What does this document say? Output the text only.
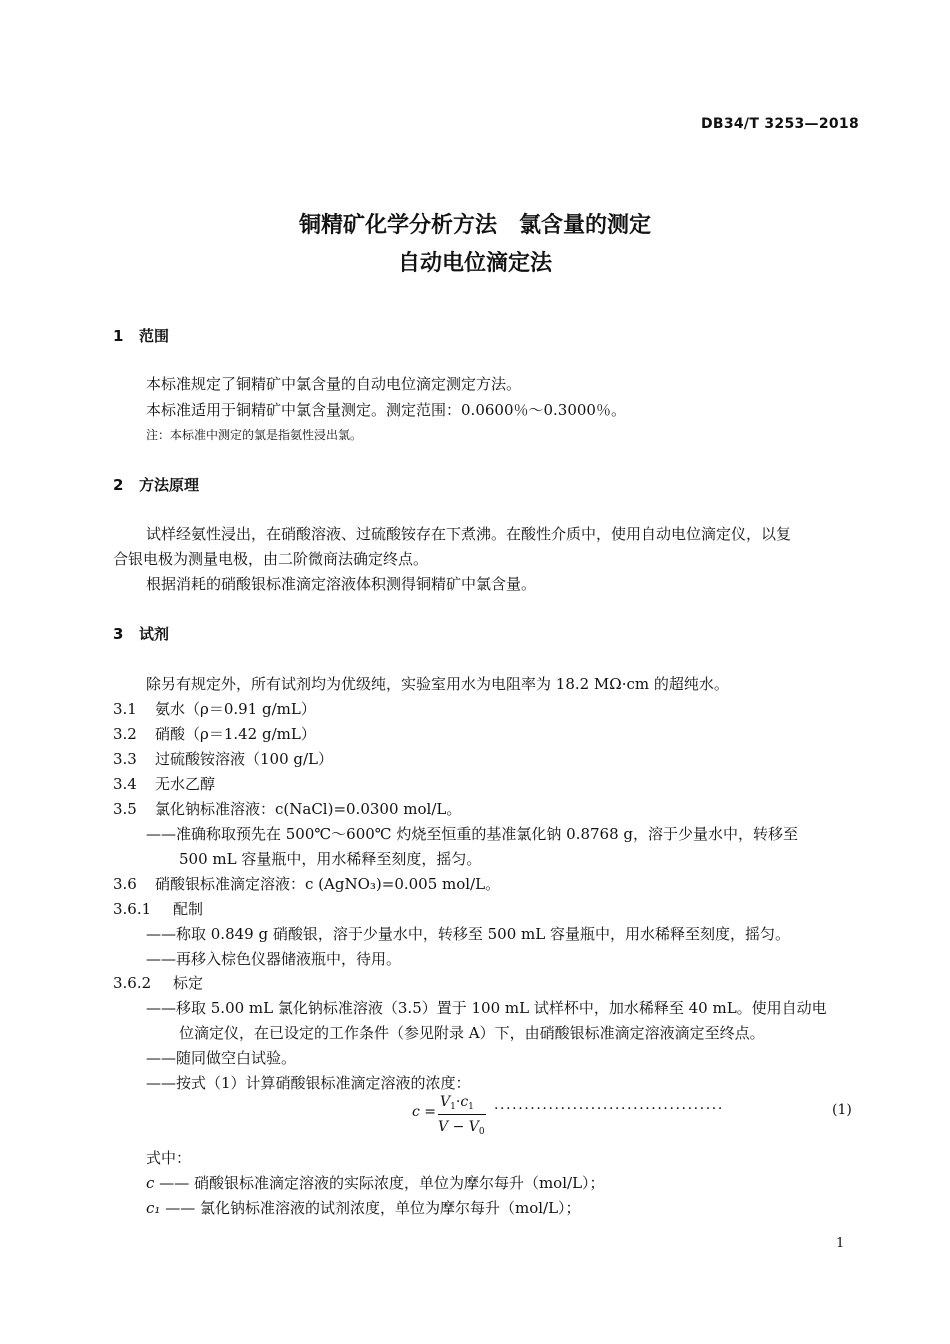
DB34/T 3253—2018
铜精矿化学分析方法　氯含量的测定
自动电位滴定法
1 范围
本标准规定了铜精矿中氯含量的自动电位滴定测定方法。
本标准适用于铜精矿中氯含量测定。测定范围：0.0600％～0.3000％。
注：本标准中测定的氯是指氨性浸出氯。
2 方法原理
试样经氨性浸出，在硝酸溶液、过硫酸铵存在下煮沸。在酸性介质中，使用自动电位滴定仪，以复
合银电极为测量电极，由二阶微商法确定终点。
根据消耗的硝酸银标准滴定溶液体积测得铜精矿中氯含量。
3 试剂
除另有规定外，所有试剂均为优级纯，实验室用水为电阻率为 18.2 MΩ·cm 的超纯水。
3.1 氨水（ρ＝0.91 g/mL）
3.2 硝酸（ρ＝1.42 g/mL）
3.3 过硫酸铵溶液（100 g/L）
3.4 无水乙醇
3.5 氯化钠标准溶液：c(NaCl)=0.0300 mol/L。
——准确称取预先在 500℃～600℃ 灼烧至恒重的基准氯化钠 0.8768 g，溶于少量水中，转移至
500 mL 容量瓶中，用水稀释至刻度，摇匀。
3.6 硝酸银标准滴定溶液：c (AgNO₃)=0.005 mol/L。
3.6.1 配制
——称取 0.849 g 硝酸银，溶于少量水中，转移至 500 mL 容量瓶中，用水稀释至刻度，摇匀。
——再移入棕色仪器储液瓶中，待用。
3.6.2 标定
——移取 5.00 mL 氯化钠标准溶液（3.5）置于 100 mL 试样杯中，加水稀释至 40 mL。使用自动电
位滴定仪，在已设定的工作条件（参见附录 A）下，由硝酸银标准滴定溶液滴定至终点。
——随同做空白试验。
——按式（1）计算硝酸银标准滴定溶液的浓度：
c =
$V_1\cdot c_1$
$V - V_0$
······································	(1)
式中：
c —— 硝酸银标准滴定溶液的实际浓度，单位为摩尔每升（mol/L）；
c₁ —— 氯化钠标准溶液的试剂浓度，单位为摩尔每升（mol/L）；
1
